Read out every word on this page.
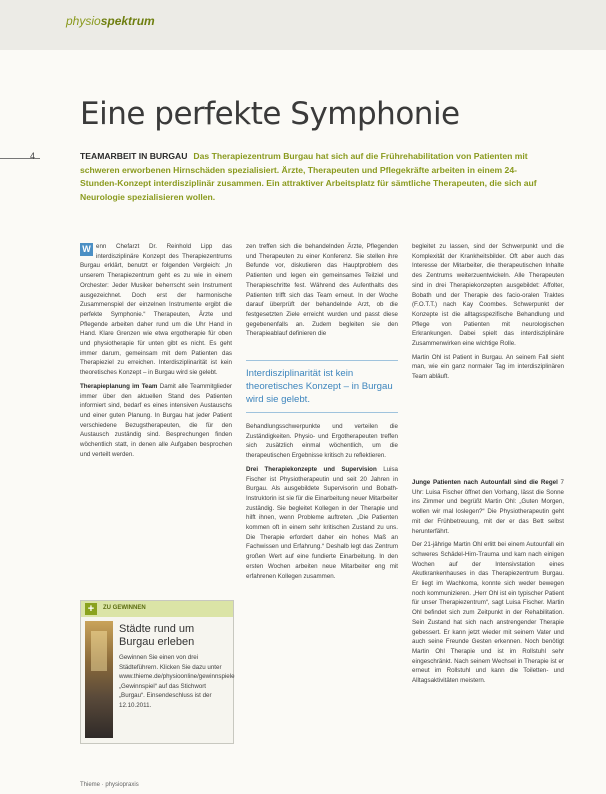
physiospektrum
4
Eine perfekte Symphonie
TEAMARBEIT IN BURGAU Das Therapiezentrum Burgau hat sich auf die Frührehabilitation von Patienten mit schweren erworbenen Hirnschäden spezialisiert. Ärzte, Therapeuten und Pflegekräfte arbeiten in einem 24-Stunden-Konzept interdisziplinär zusammen. Ein attraktiver Arbeitsplatz für sämtliche Therapeuten, die sich auf Neurologie spezialisieren wollen.

W enn Chefarzt Dr. Reinhold Lipp das interdisziplinäre Konzept des Therapiezentrums Burgau erklärt, benutzt er folgenden Vergleich: „In unserem Therapiezentrum geht es zu wie in einem Orchester: Jeder Musiker beherrscht sein Instrument ausgezeichnet. Doch erst der harmonische Zusammenspiel der einzelnen Instrumente ergibt die perfekte Symphonie.“ Therapeuten, Ärzte und Pflegende arbeiten daher rund um die Uhr Hand in Hand. Klare Grenzen wie etwa ergotherapie für oben und physiotherapie für unten gibt es nicht. Es geht immer darum, gemeinsam mit dem Patienten das Therapieziel zu erreichen. Interdisziplinarität ist kein theoretisches Konzept – in Burgau wird sie gelebt.

Therapieplanung im Team Damit alle Teammitglieder immer über den aktuellen Stand des Patienten informiert sind, bedarf es eines intensiven Austauschs und einer guten Planung. In Burgau hat jeder Patient verschiedene Bezugstherapeuten, die für den Austausch zuständig sind. Besprechungen finden wöchentlich statt, in denen alle Aufgaben besprochen und verteilt werden.

zen treffen sich die behandelnden Ärzte, Pflegenden und Therapeuten zu einer Konferenz. Sie stellen ihre Befunde vor, diskutieren das Hauptproblem des Patienten und legen ein gemeinsames Teilziel und Therapieschritte fest. Während des Aufenthalts des Patienten trifft sich das Team erneut. In der Woche darauf überprüft der behandelnde Arzt, ob die festgesetzten Ziele erreicht wurden und passt diese gegebenenfalls an. Zudem begleiten sie den Therapieablauf definieren die

Interdisziplinarität ist kein theoretisches Konzept – in Burgau wird sie gelebt.

Behandlungsschwerpunkte und verteilen die Zuständigkeiten. Physio- und Ergotherapeuten treffen sich zusätzlich einmal wöchentlich, um die therapeutischen Ergebnisse kritisch zu reflektieren.

Drei Therapiekonzepte und Supervision Luisa Fischer ist Physiotherapeutin und seit 20 Jahren in Burgau. Als ausgebildete Supervisorin und Bobath-Instruktorin ist sie für die Einarbeitung neuer Mitarbeiter zuständig. Sie begleitet Kollegen in der Therapie und hilft ihnen, wenn Probleme auftreten. „Die Patienten kommen oft in einem sehr kritischen Zustand zu uns. Die Therapie erfordert daher ein hohes Maß an Fachwissen und Erfahrung.“ Deshalb legt das Zentrum großen Wert auf eine fundierte Einarbeitung. In den ersten Wochen arbeiten neue Mitarbeiter eng mit erfahrenen Kollegen zusammen.

begleitet zu lassen, sind der Schwerpunkt und die Komplexität der Krankheitsbilder. Oft aber auch das Interesse der Mitarbeiter, die therapeutischen Inhalte des Zentrums weiterzuentwickeln. Alle Therapeuten sind in drei Therapiekonzepten ausgebildet: Affolter, Bobath und der Therapie des facio-oralen Traktes (F.O.T.T.) nach Kay Coombes. Schwerpunkt der Konzepte ist die alltagsspezifische Behandlung und Pflege von Patienten mit neurologischen Erkrankungen. Dabei spielt das interdisziplinäre Zusammenwirken eine wichtige Rolle.

Martin Ohl ist Patient in Burgau. An seinem Fall sieht man, wie ein ganz normaler Tag im interdisziplinären Team abläuft.

Junge Patienten nach Autounfall sind die Regel 7 Uhr: Luisa Fischer öffnet den Vorhang, lässt die Sonne ins Zimmer und begrüßt Martin Ohl: „Guten Morgen, wollen wir mal loslegen?“ Die Physiotherapeutin geht mit der Frühbetreuung, mit der er das Bett selbst herunterfährt.

Der 21-jährige Martin Ohl erlitt bei einem Autounfall ein schweres Schädel-Hirn-Trauma und kam nach einigen Wochen auf der Intensivstation eines Akutkrankenhauses in das Therapiezentrum Burgau. Er liegt im Wachkoma, konnte sich weder bewegen noch kommunizieren. „Herr Ohl ist ein typischer Patient für unser Therapiezentrum“, sagt Luisa Fischer. Martin Ohl befindet sich zum Zeitpunkt in der Rehabilitation. Sein Zustand hat sich nach anstrengender Therapie gebessert. Er kann jetzt wieder mit seinem Vater und auch seine Freunde Gesten erkennen. Noch benötigt Martin Ohl Therapie und ist im Rollstuhl sehr eingeschränkt. Nach seinem Wechsel in Therapie ist er erneut im Rollstuhl und kann die Toiletten- und Alltagsaktivitäten meistern.

+	ZU GEWINNEN
Städte rund um Burgau erleben
Gewinnen Sie einen von drei Städteführern. Klicken Sie dazu unter www.thieme.de/physioonline/gewinnspiele „Gewinnspiel“ auf das Stichwort „Burgau“. Einsendeschluss ist der 12.10.2011.
Thieme · physiopraxis
